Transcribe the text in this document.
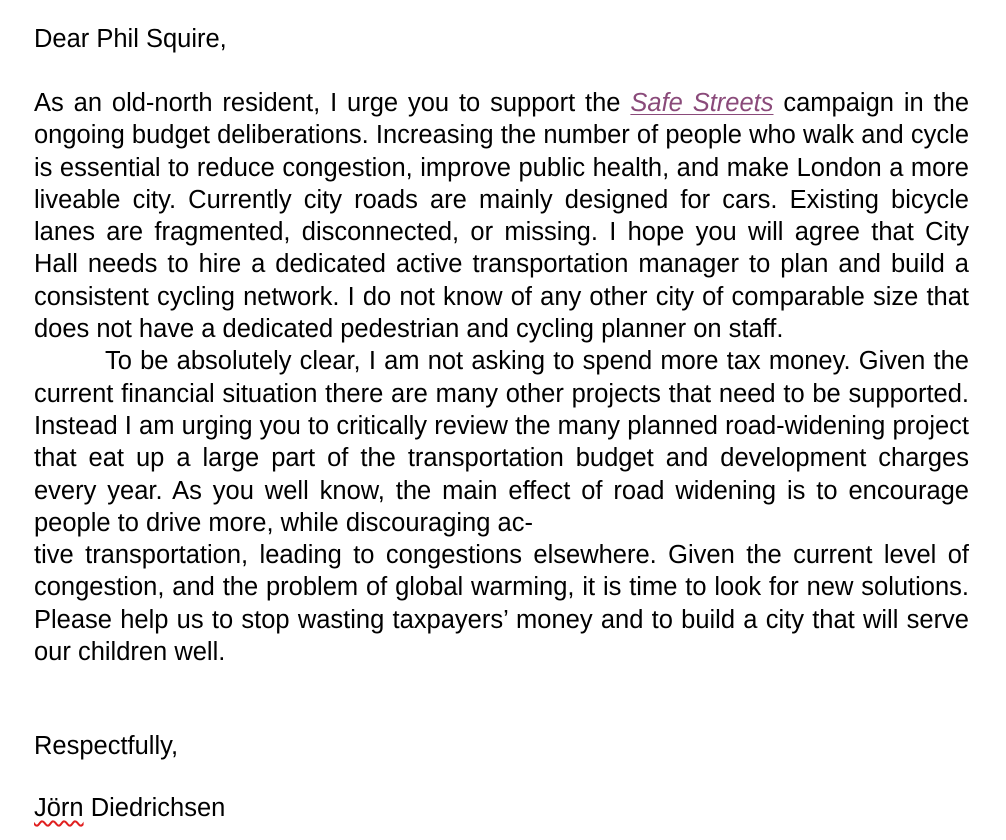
Dear Phil Squire,

As an old-north resident, I urge you to support the Safe Streets campaign in the ongoing budget deliberations. Increasing the number of people who walk and cycle is essential to reduce congestion, improve public health, and make London a more liveable city. Currently city roads are mainly designed for cars. Existing bicycle lanes are fragmented, disconnected, or missing. I hope you will agree that City Hall needs to hire a dedicated active transportation manager to plan and build a consistent cycling network. I do not know of any other city of comparable size that does not have a dedicated pedestrian and cycling planner on staff.

To be absolutely clear, I am not asking to spend more tax money. Given the current financial situation there are many other projects that need to be supported. Instead I am urging you to critically review the many planned road-widening project that eat up a large part of the transportation budget and development charges every year. As you well know, the main effect of road widening is to encourage people to drive more, while discouraging ac-
tive transportation, leading to congestions elsewhere. Given the current level of congestion, and the problem of global warming, it is time to look for new solutions. Please help us to stop wasting taxpayers’ money and to build a city that will serve our children well.

Respectfully,
Jörn Diedrichsen
